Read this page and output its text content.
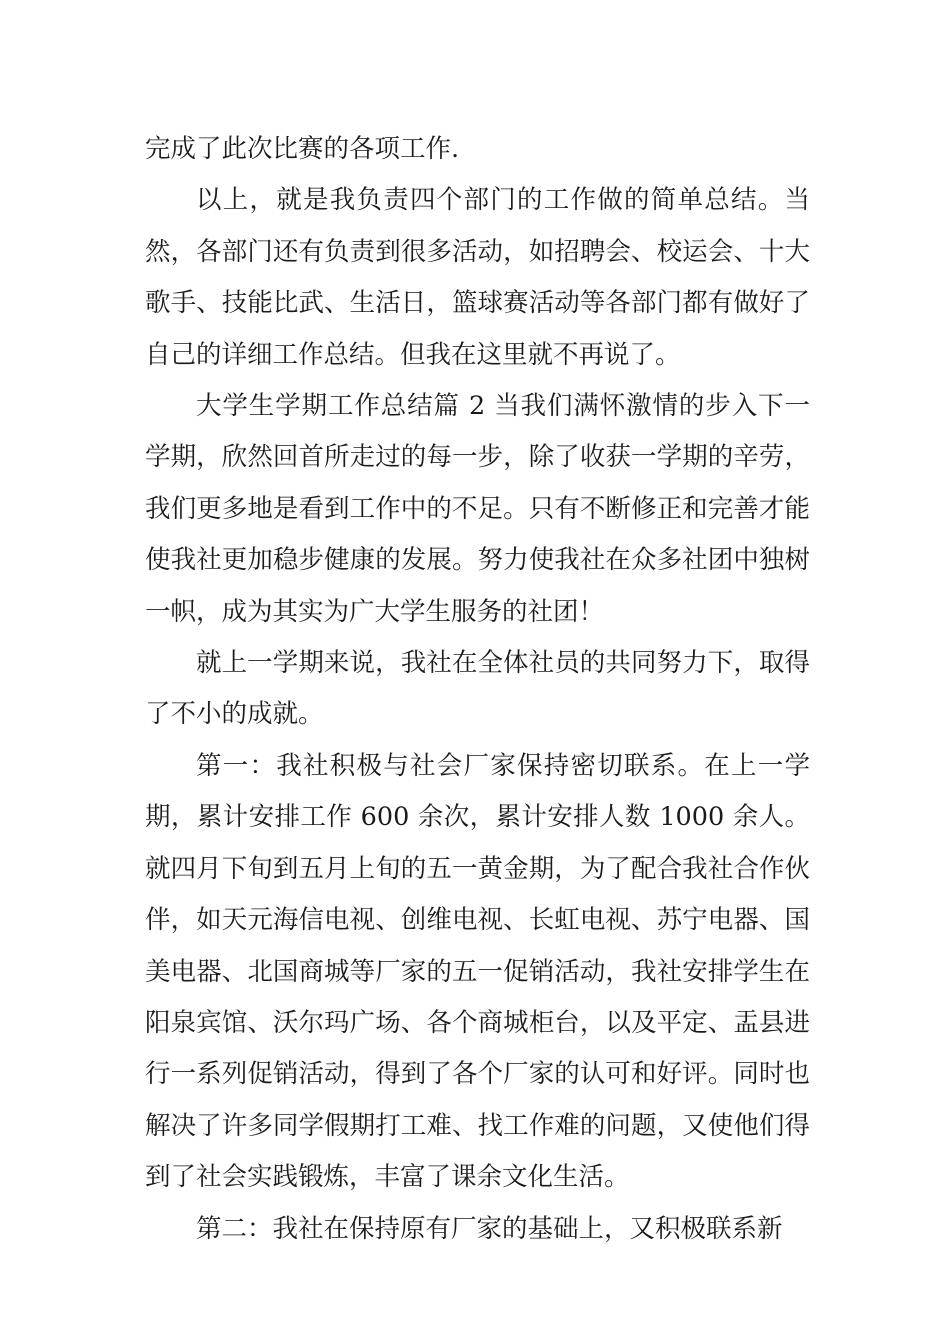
完成了此次比赛的各项工作.

以上，就是我负责四个部门的工作做的简单总结。当然，各部门还有负责到很多活动，如招聘会、校运会、十大歌手、技能比武、生活日，篮球赛活动等各部门都有做好了自己的详细工作总结。但我在这里就不再说了。

大学生学期工作总结篇 2 当我们满怀激情的步入下一学期，欣然回首所走过的每一步，除了收获一学期的辛劳，我们更多地是看到工作中的不足。只有不断修正和完善才能使我社更加稳步健康的发展。努力使我社在众多社团中独树一帜，成为其实为广大学生服务的社团！

就上一学期来说，我社在全体社员的共同努力下，取得了不小的成就。

第一：我社积极与社会厂家保持密切联系。在上一学期，累计安排工作 600 余次，累计安排人数 1000 余人。就四月下旬到五月上旬的五一黄金期，为了配合我社合作伙伴，如天元海信电视、创维电视、长虹电视、苏宁电器、国美电器、北国商城等厂家的五一促销活动，我社安排学生在阳泉宾馆、沃尔玛广场、各个商城柜台，以及平定、盂县进行一系列促销活动，得到了各个厂家的认可和好评。同时也解决了许多同学假期打工难、找工作难的问题，又使他们得到了社会实践锻炼，丰富了课余文化生活。

第二：我社在保持原有厂家的基础上，又积极联系新
